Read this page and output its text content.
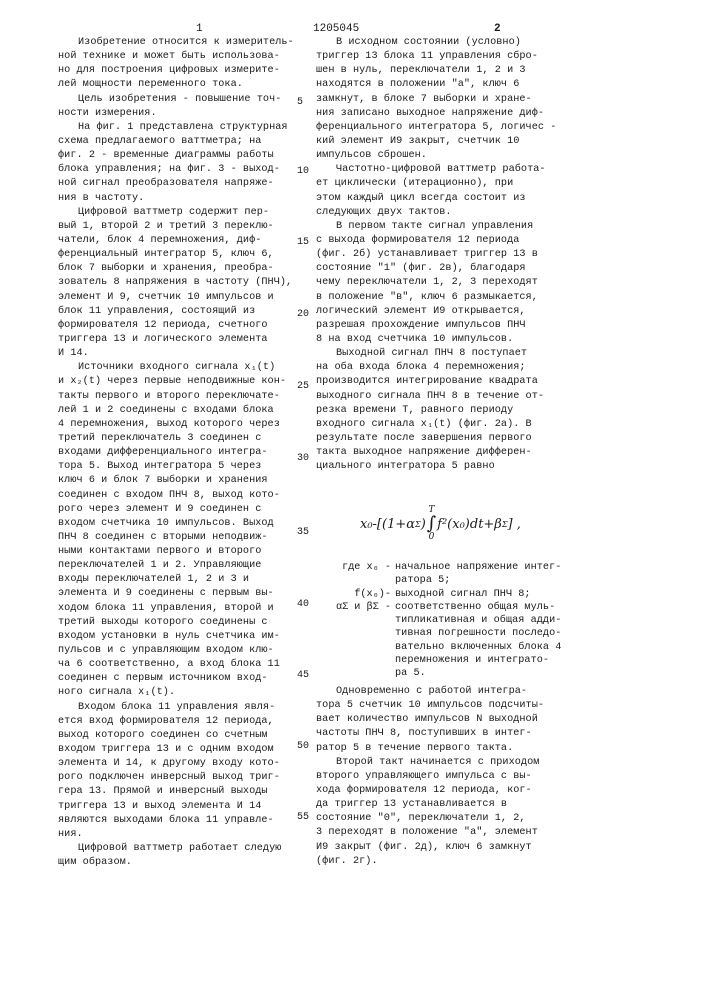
1	1205045	2
5
10
15
20
25
30
35
40
45
50
55
Изобретение относится к измеритель-
ной технике и может быть использова-
но для построения цифровых измерите-
лей мощности переменного тока.
Цель изобретения - повышение точ-
ности измерения.
На фиг. 1 представлена структурная
схема предлагаемого ваттметра; на
фиг. 2 - временные диаграммы работы
блока управления; на фиг. 3 - выход-
ной сигнал преобразователя напряже-
ния в частоту.
Цифровой ваттметр содержит пер-
вый 1, второй 2 и третий 3 переклю-
чатели, блок 4 перемножения, диф-
ференциальный интегратор 5, ключ 6,
блок 7 выборки и хранения, преобра-
зователь 8 напряжения в частоту (ПНЧ),
элемент И 9, счетчик 10 импульсов и
блок 11 управления, состоящий из
формирователя 12 периода, счетного
триггера 13 и логического элемента
И 14.
Источники входного сигнала x₁(t)
и x₂(t) через первые неподвижные кон-
такты первого и второго переключате-
лей 1 и 2 соединены с входами блока
4 перемножения, выход которого через
третий переключатель 3 соединен с
входами дифференциального интегра-
тора 5. Выход интегратора 5 через
ключ 6 и блок 7 выборки и хранения
соединен с входом ПНЧ 8, выход кото-
рого через элемент И 9 соединен с
входом счетчика 10 импульсов. Выход
ПНЧ 8 соединен с вторыми неподвиж-
ными контактами первого и второго
переключателей 1 и 2. Управляющие
входы переключателей 1, 2 и 3 и
элемента И 9 соединены с первым вы-
ходом блока 11 управления, второй и
третий выходы которого соединены с
входом установки в нуль счетчика им-
пульсов и с управляющим входом клю-
ча 6 соответственно, а вход блока 11
соединен с первым источником вход-
ного сигнала x₁(t).
Входом блока 11 управления явля-
ется вход формирователя 12 периода,
выход которого соединен со счетным
входом триггера 13 и с одним входом
элемента И 14, к другому входу кото-
рого подключен инверсный выход триг-
гера 13. Прямой и инверсный выходы
триггера 13 и выход элемента И 14
являются выходами блока 11 управле-
ния.
Цифровой ваттметр работает следую
щим образом.
В исходном состоянии (условно)
триггер 13 блока 11 управления сбро-
шен в нуль, переключатели 1, 2 и 3
находятся в положении "а", ключ 6
замкнут, в блоке 7 выборки и хране-
ния записано выходное напряжение диф-
ференциального интегратора 5, логичес -
кий элемент И9 закрыт, счетчик 10
импульсов сброшен.
Частотно-цифровой ваттметр работа-
ет циклически (итерационно), при
этом каждый цикл всегда состоит из
следующих двух тактов.
В первом такте сигнал управления
с выхода формирователя 12 периода
(фиг. 2б) устанавливает триггер 13 в
состояние "1" (фиг. 2в), благодаря
чему переключатели 1, 2, 3 переходят
в положение "в", ключ 6 размыкается,
логический элемент И9 открывается,
разрешая прохождение импульсов ПНЧ
8 на вход счетчика 10 импульсов.
Выходной сигнал ПНЧ 8 поступает
на оба входа блока 4 перемножения;
производится интегрирование квадрата
выходного сигнала ПНЧ 8 в течение от-
резка времени T, равного периоду
входного сигнала x₁(t) (фиг. 2а). В
результате после завершения первого
такта выходное напряжение дифферен-
циального интегратора 5 равно
x₀-[(1+α Σ )
T
∫
0
f²(x₀)dt+β Σ ] ,
где x₀ - начальное напряжение интег-
ратора 5;
f(x₀)- выходной сигнал ПНЧ 8;
αΣ и βΣ - соответственно общая муль-
типликативная и общая адди-
тивная погрешности последо-
вательно включенных блока 4
перемножения и интеграто-
ра 5.
Одновременно с работой интегра-
тора 5 счетчик 10 импульсов подсчиты-
вает количество импульсов N выходной
частоты ПНЧ 8, поступивших в интег-
ратор 5 в течение первого такта.
Второй такт начинается с приходом
второго управляющего импульса с вы-
хода формирователя 12 периода, ког-
да триггер 13 устанавливается в
состояние "0", переключатели 1, 2,
3 переходят в положение "а", элемент
И9 закрыт (фиг. 2д), ключ 6 замкнут
(фиг. 2г).
